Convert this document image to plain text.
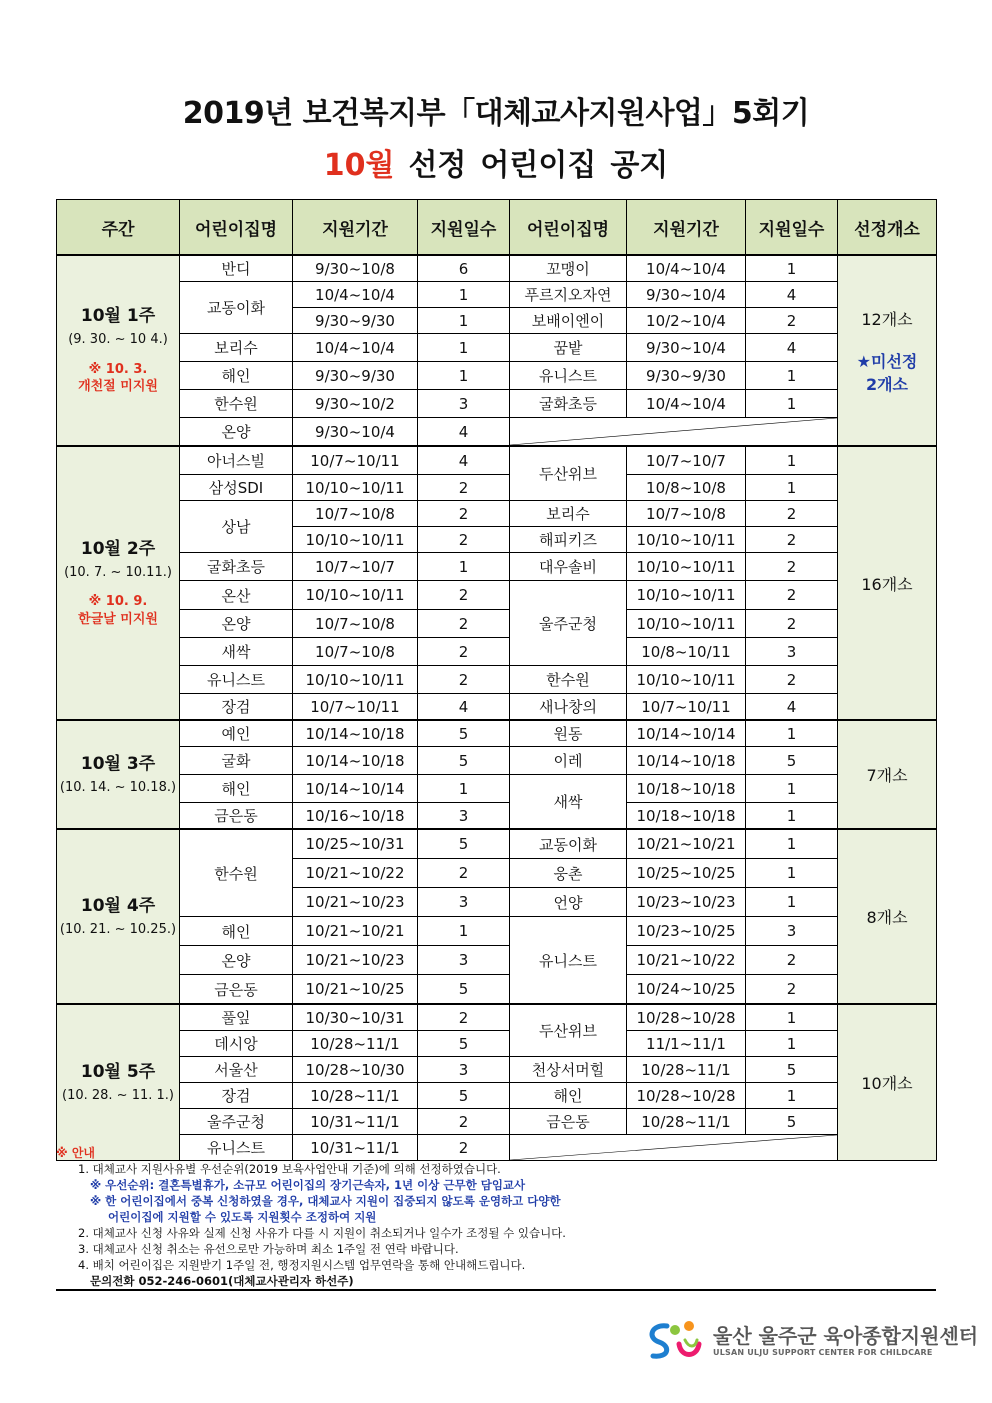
2019년 보건복지부「대체교사지원사업」5회기
10월 선정 어린이집 공지
주간	어린이집명	지원기간	지원일수	어린이집명	지원기간	지원일수	선정개소
10월 1주
(9. 30. ~ 10 4.)
※ 10. 3.
개천절 미지원	반디	9/30~10/8	6	꼬맹이	10/4~10/4	1	12개소

★미선정
2개소
	교동이화	10/4~10/4	1	푸르지오자연	9/30~10/4	4	
		9/30~9/30	1	보배이엔이	10/2~10/4	2	
	보리수	10/4~10/4	1	꿈밭	9/30~10/4	4	
	해인	9/30~9/30	1	유니스트	9/30~9/30	1	
	한수원	9/30~10/2	3	굴화초등	10/4~10/4	1	
	온양	9/30~10/4	4	

10월 2주
(10. 7. ~ 10.11.)
※ 10. 9.
한글날 미지원	아너스빌	10/7~10/11	4	두산위브	10/7~10/7	1	16개소
	삼성SDI	10/10~10/11	2		10/8~10/8	1	
	상남	10/7~10/8	2	보리수	10/7~10/8	2	
		10/10~10/11	2	해피키즈	10/10~10/11	2	
	굴화초등	10/7~10/7	1	대우솔비	10/10~10/11	2	
	온산	10/10~10/11	2	울주군청	10/10~10/11	2	
	온양	10/7~10/8	2		10/10~10/11	2	
	새싹	10/7~10/8	2		10/8~10/11	3	
	유니스트	10/10~10/11	2	한수원	10/10~10/11	2	
	장검	10/7~10/11	4	새나창의	10/7~10/11	4	
10월 3주
(10. 14. ~ 10.18.)	예인	10/14~10/18	5	원동	10/14~10/14	1	7개소
	굴화	10/14~10/18	5	이레	10/14~10/18	5	
	해인	10/14~10/14	1	새싹	10/18~10/18	1	
	금은동	10/16~10/18	3		10/18~10/18	1	
10월 4주
(10. 21. ~ 10.25.)	한수원	10/25~10/31	5	교동이화	10/21~10/21	1	8개소
		10/21~10/22	2	웅촌	10/25~10/25	1	
		10/21~10/23	3	언양	10/23~10/23	1	
	해인	10/21~10/21	1	유니스트	10/23~10/25	3	
	온양	10/21~10/23	3		10/21~10/22	2	
	금은동	10/21~10/25	5		10/24~10/25	2	
10월 5주
(10. 28. ~ 11. 1.)	풀잎	10/30~10/31	2	두산위브	10/28~10/28	1	10개소
	데시앙	10/28~11/1	5		11/1~11/1	1	
	서울산	10/28~10/30	3	천상서머힐	10/28~11/1	5	
	장검	10/28~11/1	5	해인	10/28~10/28	1	
	울주군청	10/31~11/1	2	금은동	10/28~11/1	5	
	유니스트	10/31~11/1	2	
※ 안내
1. 대체교사 지원사유별 우선순위(2019 보육사업안내 기준)에 의해 선정하였습니다.
※ 우선순위: 결혼특별휴가, 소규모 어린이집의 장기근속자, 1년 이상 근무한 담임교사
※ 한 어린이집에서 중복 신청하였을 경우, 대체교사 지원이 집중되지 않도록 운영하고 다양한
어린이집에 지원할 수 있도록 지원횟수 조정하여 지원
2. 대체교사 신청 사유와 실제 신청 사유가 다를 시 지원이 취소되거나 일수가 조정될 수 있습니다.
3. 대체교사 신청 취소는 유선으로만 가능하며 최소 1주일 전 연락 바랍니다.
4. 배치 어린이집은 지원받기 1주일 전, 행정지원시스템 업무연락을 통해 안내해드립니다.
문의전화 052-246-0601(대체교사관리자 하선주)
울산 울주군 육아종합지원센터
ULSAN ULJU SUPPORT CENTER FOR CHILDCARE
